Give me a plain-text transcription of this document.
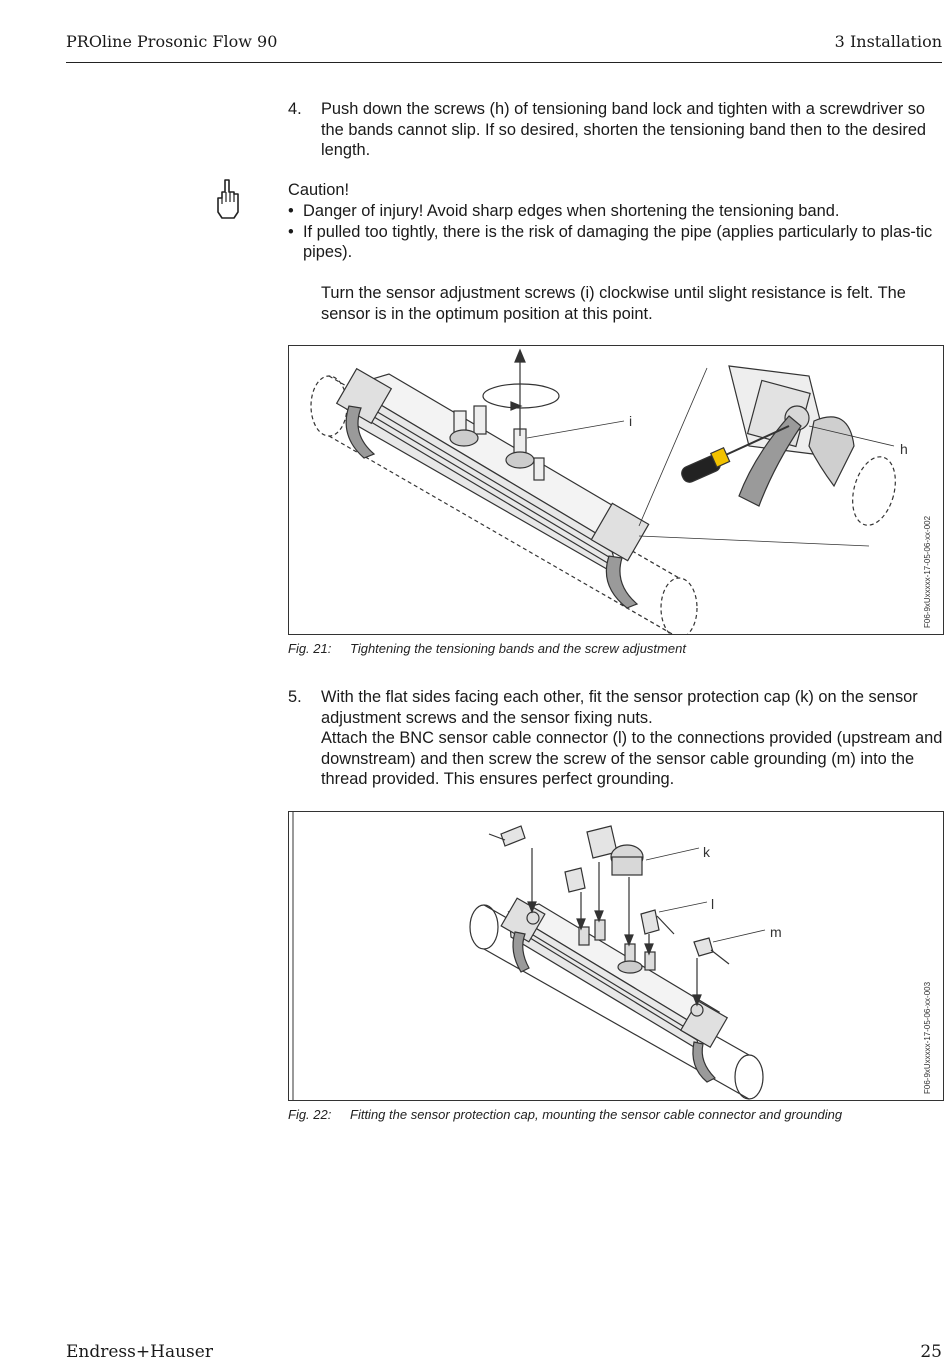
PROline Prosonic Flow 90	3 Installation
4. Push down the screws (h) of tensioning band lock and tighten with a screwdriver so the bands cannot slip. If so desired, shorten the tensioning band then to the desired length.

Caution!
• Danger of injury! Avoid sharp edges when shortening the tensioning band.
• If pulled too tightly, there is the risk of damaging the pipe (applies particularly to plas-tic pipes).
Turn the sensor adjustment screws (i) clockwise until slight resistance is felt. The sensor is in the optimum position at this point.
i
h
F06-9xUxxxxx-17-05-06-xx-002
Fig. 21: Tightening the tensioning bands and the screw adjustment
5. With the flat sides facing each other, fit the sensor protection cap (k) on the sensor adjustment screws and the sensor fixing nuts.

Attach the BNC sensor cable connector (l) to the connections provided (upstream and downstream) and then screw the screw of the sensor cable grounding (m) into the thread provided. This ensures perfect grounding.

k
l
m
F06-9xUxxxxx-17-05-06-xx-003
Fig. 22: Fitting the sensor protection cap, mounting the sensor cable connector and grounding
Endress+Hauser	25
